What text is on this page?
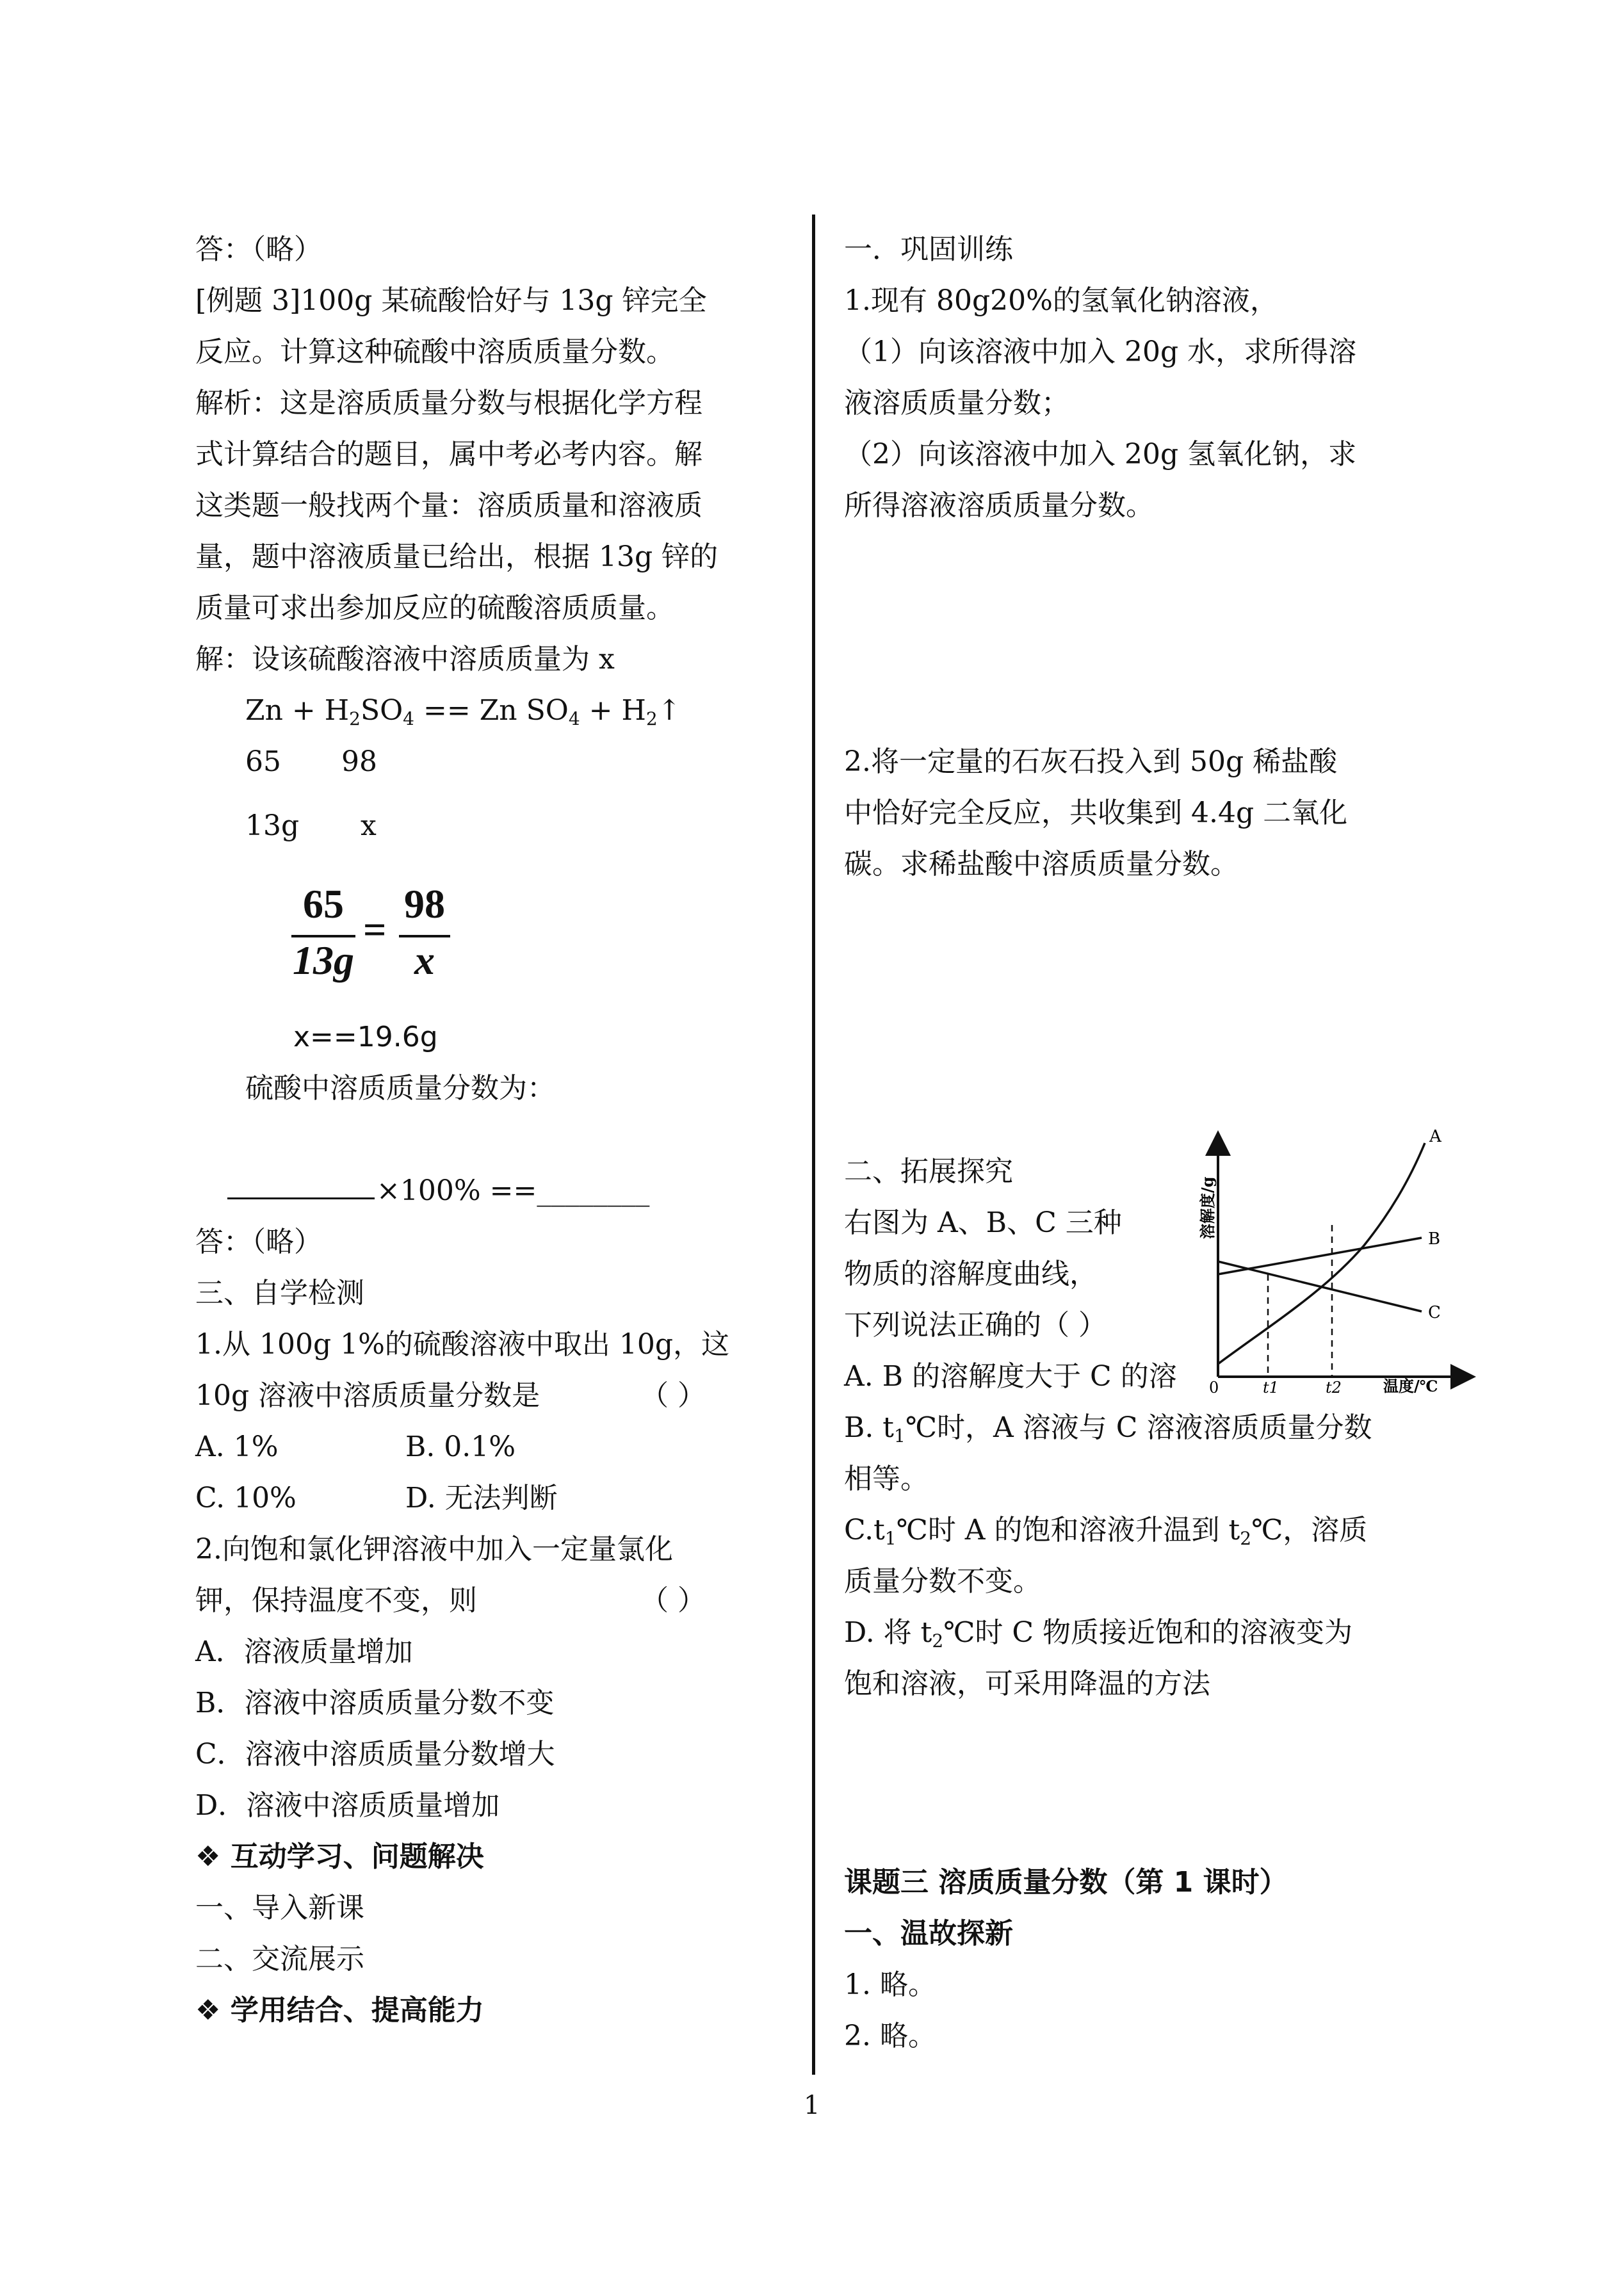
答：（略）
[例题 3]100g 某硫酸恰好与 13g 锌完全
反应。计算这种硫酸中溶质质量分数。
解析：这是溶质质量分数与根据化学方程
式计算结合的题目，属中考必考内容。解
这类题一般找两个量：溶质质量和溶液质
量，题中溶液质量已给出，根据 13g 锌的
质量可求出参加反应的硫酸溶质质量。
解：设该硫酸溶液中溶质质量为 x
$Zn + H_2SO_4 == Zn$ $SO_4$ + $H_2↑$
65 98
13g x
65
13g
=
98
x
x==19.6g
硫酸中溶质质量分数为：
×100% ==________
答：（略）
三、自学检测
1.从 100g 1%的硫酸溶液中取出 10g，这
10g 溶液中溶质质量分数是	（ ）
A. 1%	B. 0.1%
C. 10%	D. 无法判断
2.向饱和氯化钾溶液中加入一定量氯化
钾，保持温度不变，则	（ ）
A．溶液质量增加
B．溶液中溶质质量分数不变
C．溶液中溶质质量分数增大
D．溶液中溶质质量增加
❖ 互动学习、问题解决
一、导入新课
二、交流展示
❖ 学用结合、提高能力
一．巩固训练
1.现有 80g20%的氢氧化钠溶液，
（1）向该溶液中加入 20g 水，求所得溶
液溶质质量分数；
（2）向该溶液中加入 20g 氢氧化钠，求
所得溶液溶质质量分数。
2.将一定量的石灰石投入到 50g 稀盐酸
中恰好完全反应，共收集到 4.4g 二氧化
碳。求稀盐酸中溶质质量分数。
二、拓展探究
右图为 A、B、C 三种
物质的溶解度曲线，
下列说法正确的（ ）
A. B 的溶解度大于 C 的溶
A
B
C
0	t1	t2	温度/℃
溶解度/g
B. $t_1℃$时，A 溶液与 C 溶液溶质质量分数
相等。
$C.t_1℃$时 A 的饱和溶液升温到 $t_2℃$，溶质
质量分数不变。
D. 将 $t_2℃$时 C 物质接近饱和的溶液变为
饱和溶液，可采用降温的方法
课题三 溶质质量分数（第 1 课时）
一、温故探新
1. 略。
2. 略。
1
